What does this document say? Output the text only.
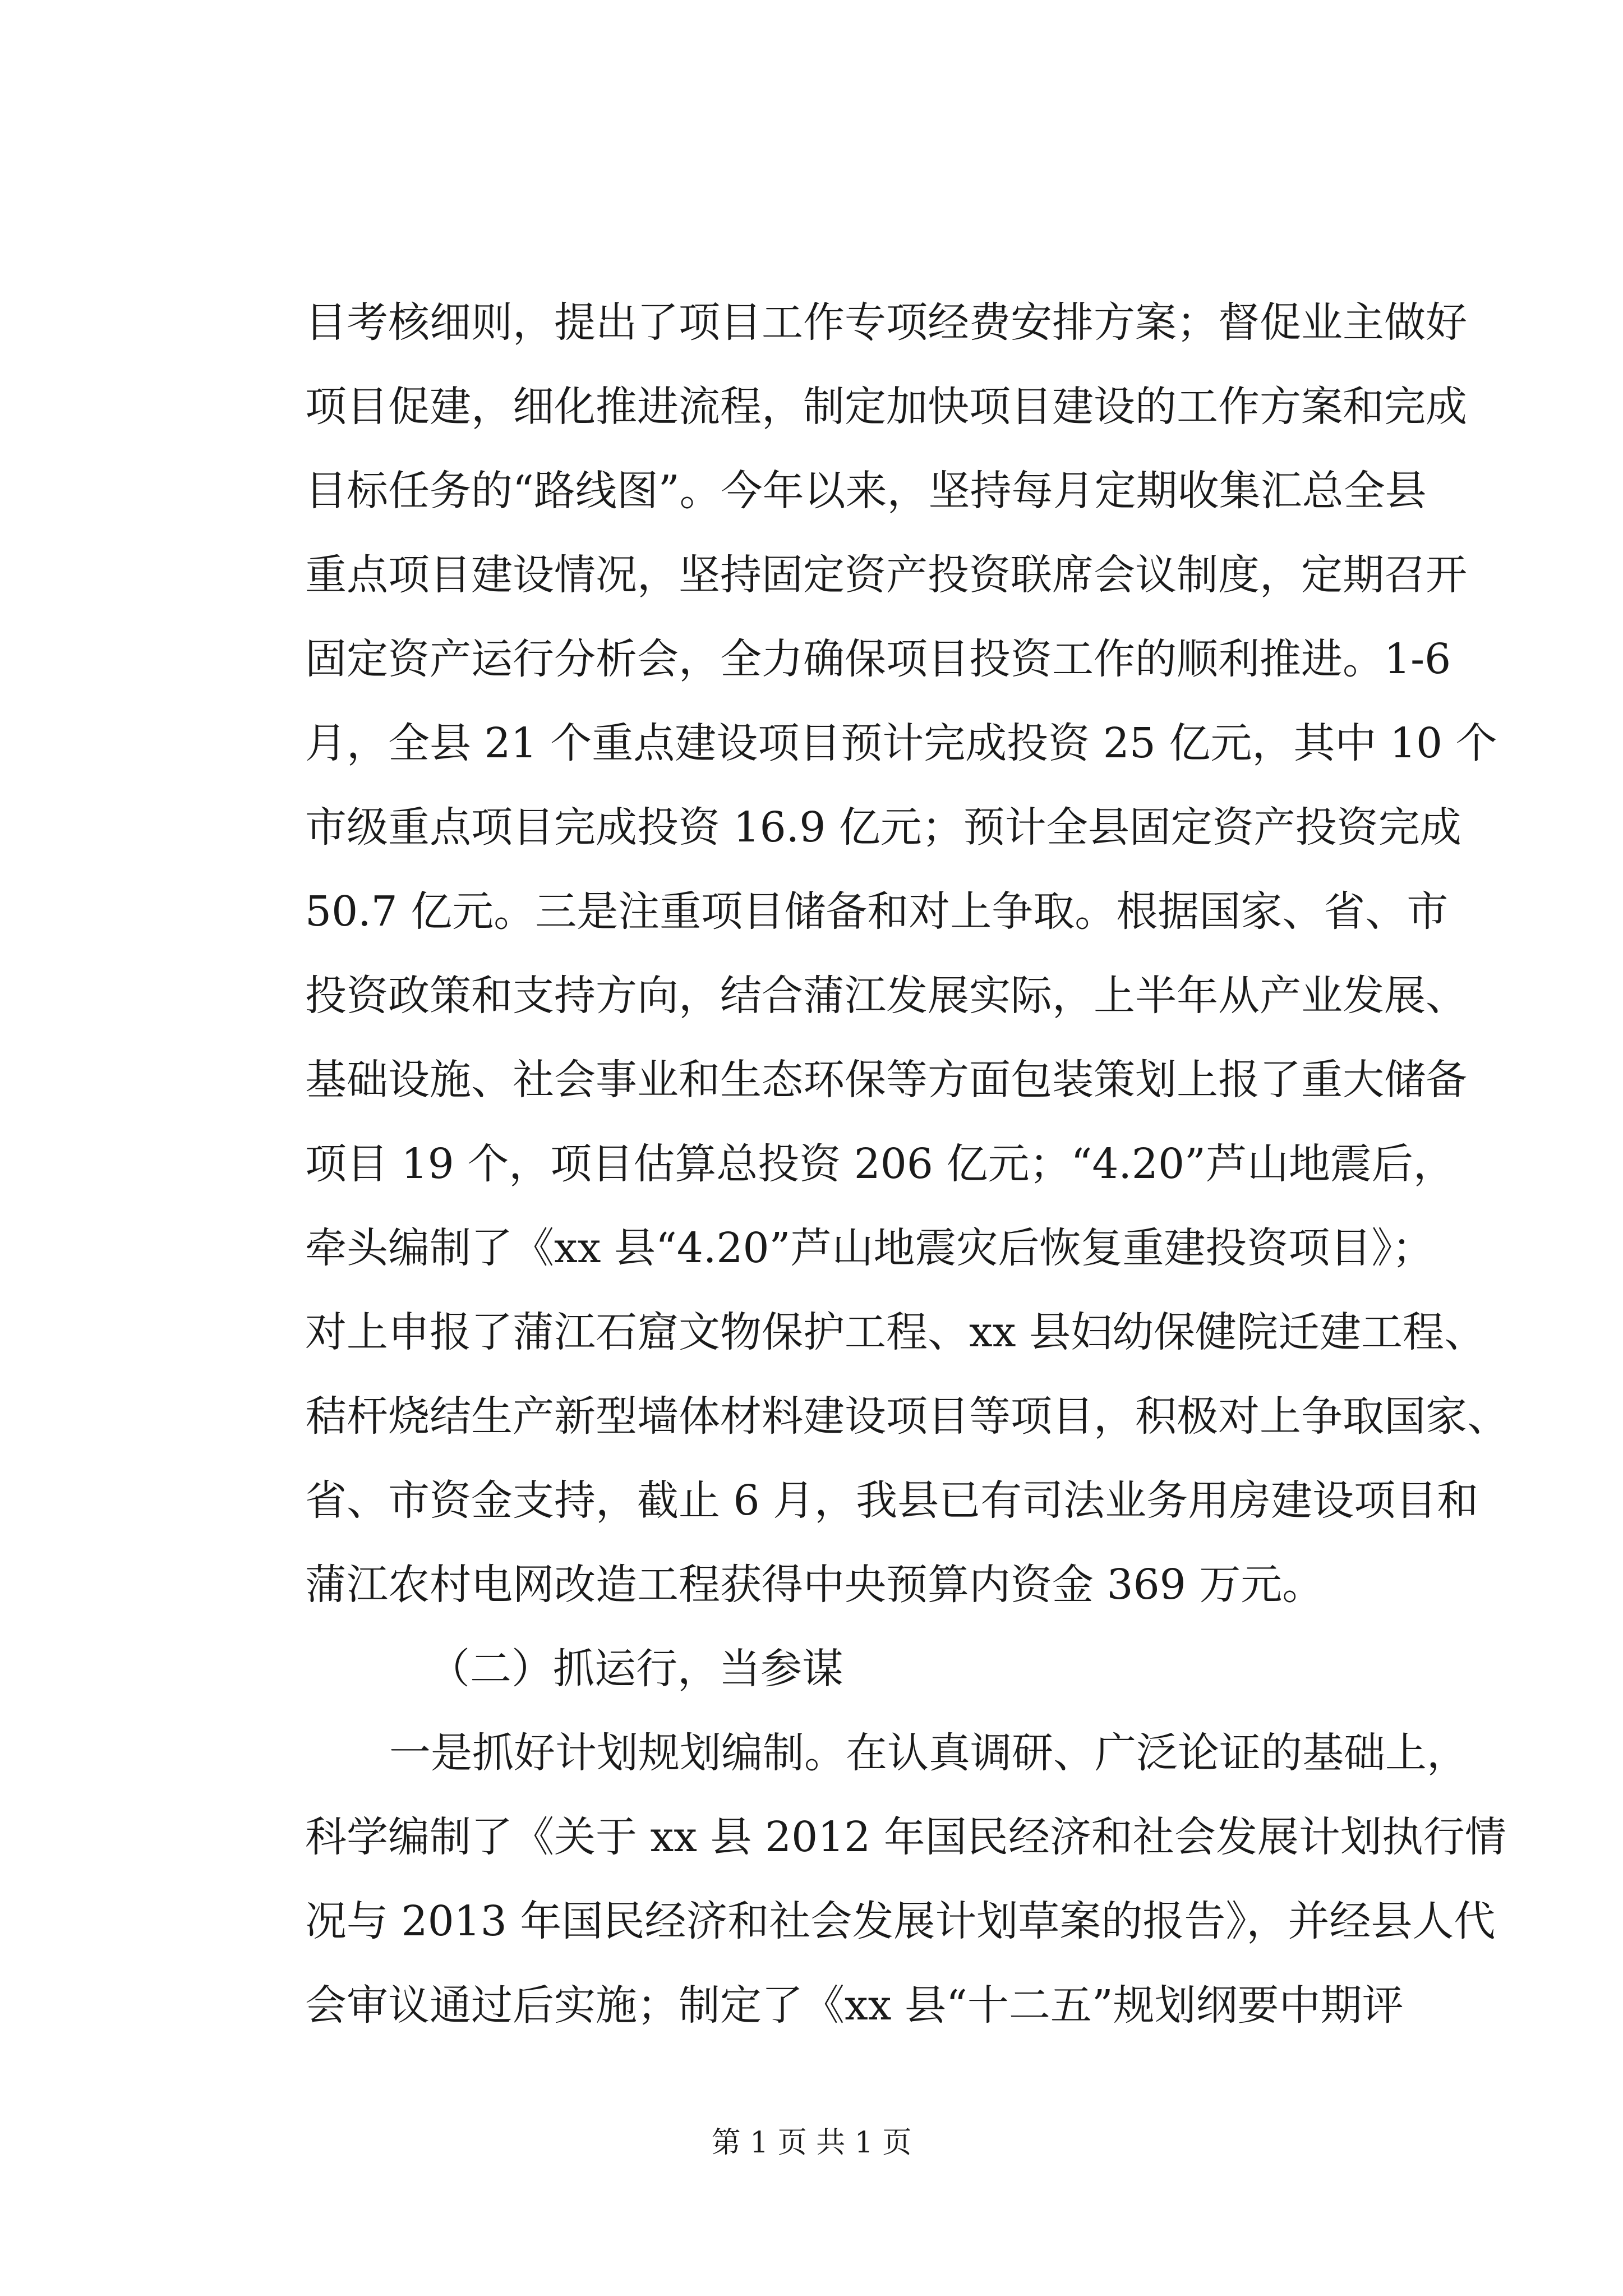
目考核细则，提出了项目工作专项经费安排方案；督促业主做好
项目促建，细化推进流程，制定加快项目建设的工作方案和完成
目标任务的“路线图”。今年以来，坚持每月定期收集汇总全县
重点项目建设情况，坚持固定资产投资联席会议制度，定期召开
固定资产运行分析会，全力确保项目投资工作的顺利推进。1-6
月，全县 21 个重点建设项目预计完成投资 25 亿元，其中 10 个
市级重点项目完成投资 16.9 亿元；预计全县固定资产投资完成
50.7 亿元。三是注重项目储备和对上争取。根据国家、省、市
投资政策和支持方向，结合蒲江发展实际，上半年从产业发展、
基础设施、社会事业和生态环保等方面包装策划上报了重大储备
项目 19 个，项目估算总投资 206 亿元；“4.20”芦山地震后，
牵头编制了《xx 县“4.20”芦山地震灾后恢复重建投资项目》；
对上申报了蒲江石窟文物保护工程、xx 县妇幼保健院迁建工程、
秸杆烧结生产新型墙体材料建设项目等项目，积极对上争取国家、
省、市资金支持，截止 6 月，我县已有司法业务用房建设项目和
蒲江农村电网改造工程获得中央预算内资金 369 万元。
（二）抓运行，当参谋
一是抓好计划规划编制。在认真调研、广泛论证的基础上，
科学编制了《关于 xx 县 2012 年国民经济和社会发展计划执行情
况与 2013 年国民经济和社会发展计划草案的报告》，并经县人代
会审议通过后实施；制定了《xx 县“十二五”规划纲要中期评
第 1 页 共 1 页
